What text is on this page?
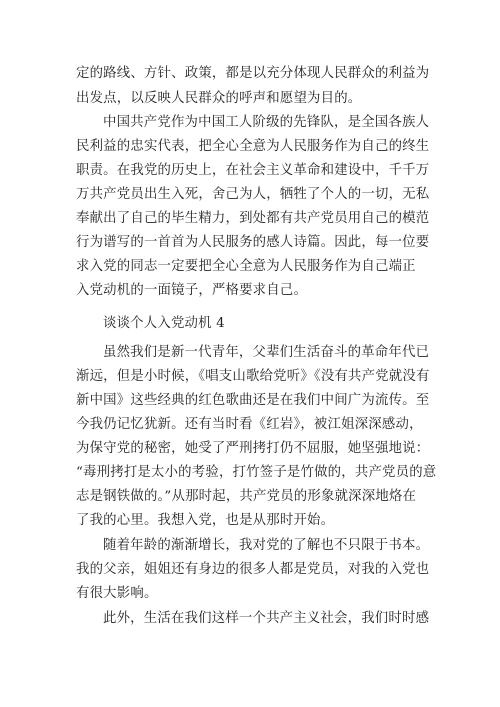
定的路线、方针、政策，都是以充分体现人民群众的利益为
出发点，以反映人民群众的呼声和愿望为目的。
中国共产党作为中国工人阶级的先锋队，是全国各族人
民利益的忠实代表，把全心全意为人民服务作为自己的终生
职责。在我党的历史上，在社会主义革命和建设中，千千万
万共产党员出生入死，舍己为人，牺牲了个人的一切，无私
奉献出了自己的毕生精力，到处都有共产党员用自己的模范
行为谱写的一首首为人民服务的感人诗篇。因此，每一位要
求入党的同志一定要把全心全意为人民服务作为自己端正
入党动机的一面镜子，严格要求自己。
谈谈个人入党动机 4
虽然我们是新一代青年，父辈们生活奋斗的革命年代已
渐远，但是小时候，《唱支山歌给党听》《没有共产党就没有
新中国》这些经典的红色歌曲还是在我们中间广为流传。至
今我仍记忆犹新。还有当时看《红岩》，被江姐深深感动，
为保守党的秘密，她受了严刑拷打仍不屈服，她坚强地说：
“毒刑拷打是太小的考验，打竹签子是竹做的，共产党员的意
志是钢铁做的。”从那时起，共产党员的形象就深深地烙在
了我的心里。我想入党，也是从那时开始。
随着年龄的渐渐增长，我对党的了解也不只限于书本。
我的父亲，姐姐还有身边的很多人都是党员，对我的入党也
有很大影响。
此外，生活在我们这样一个共产主义社会，我们时时感
